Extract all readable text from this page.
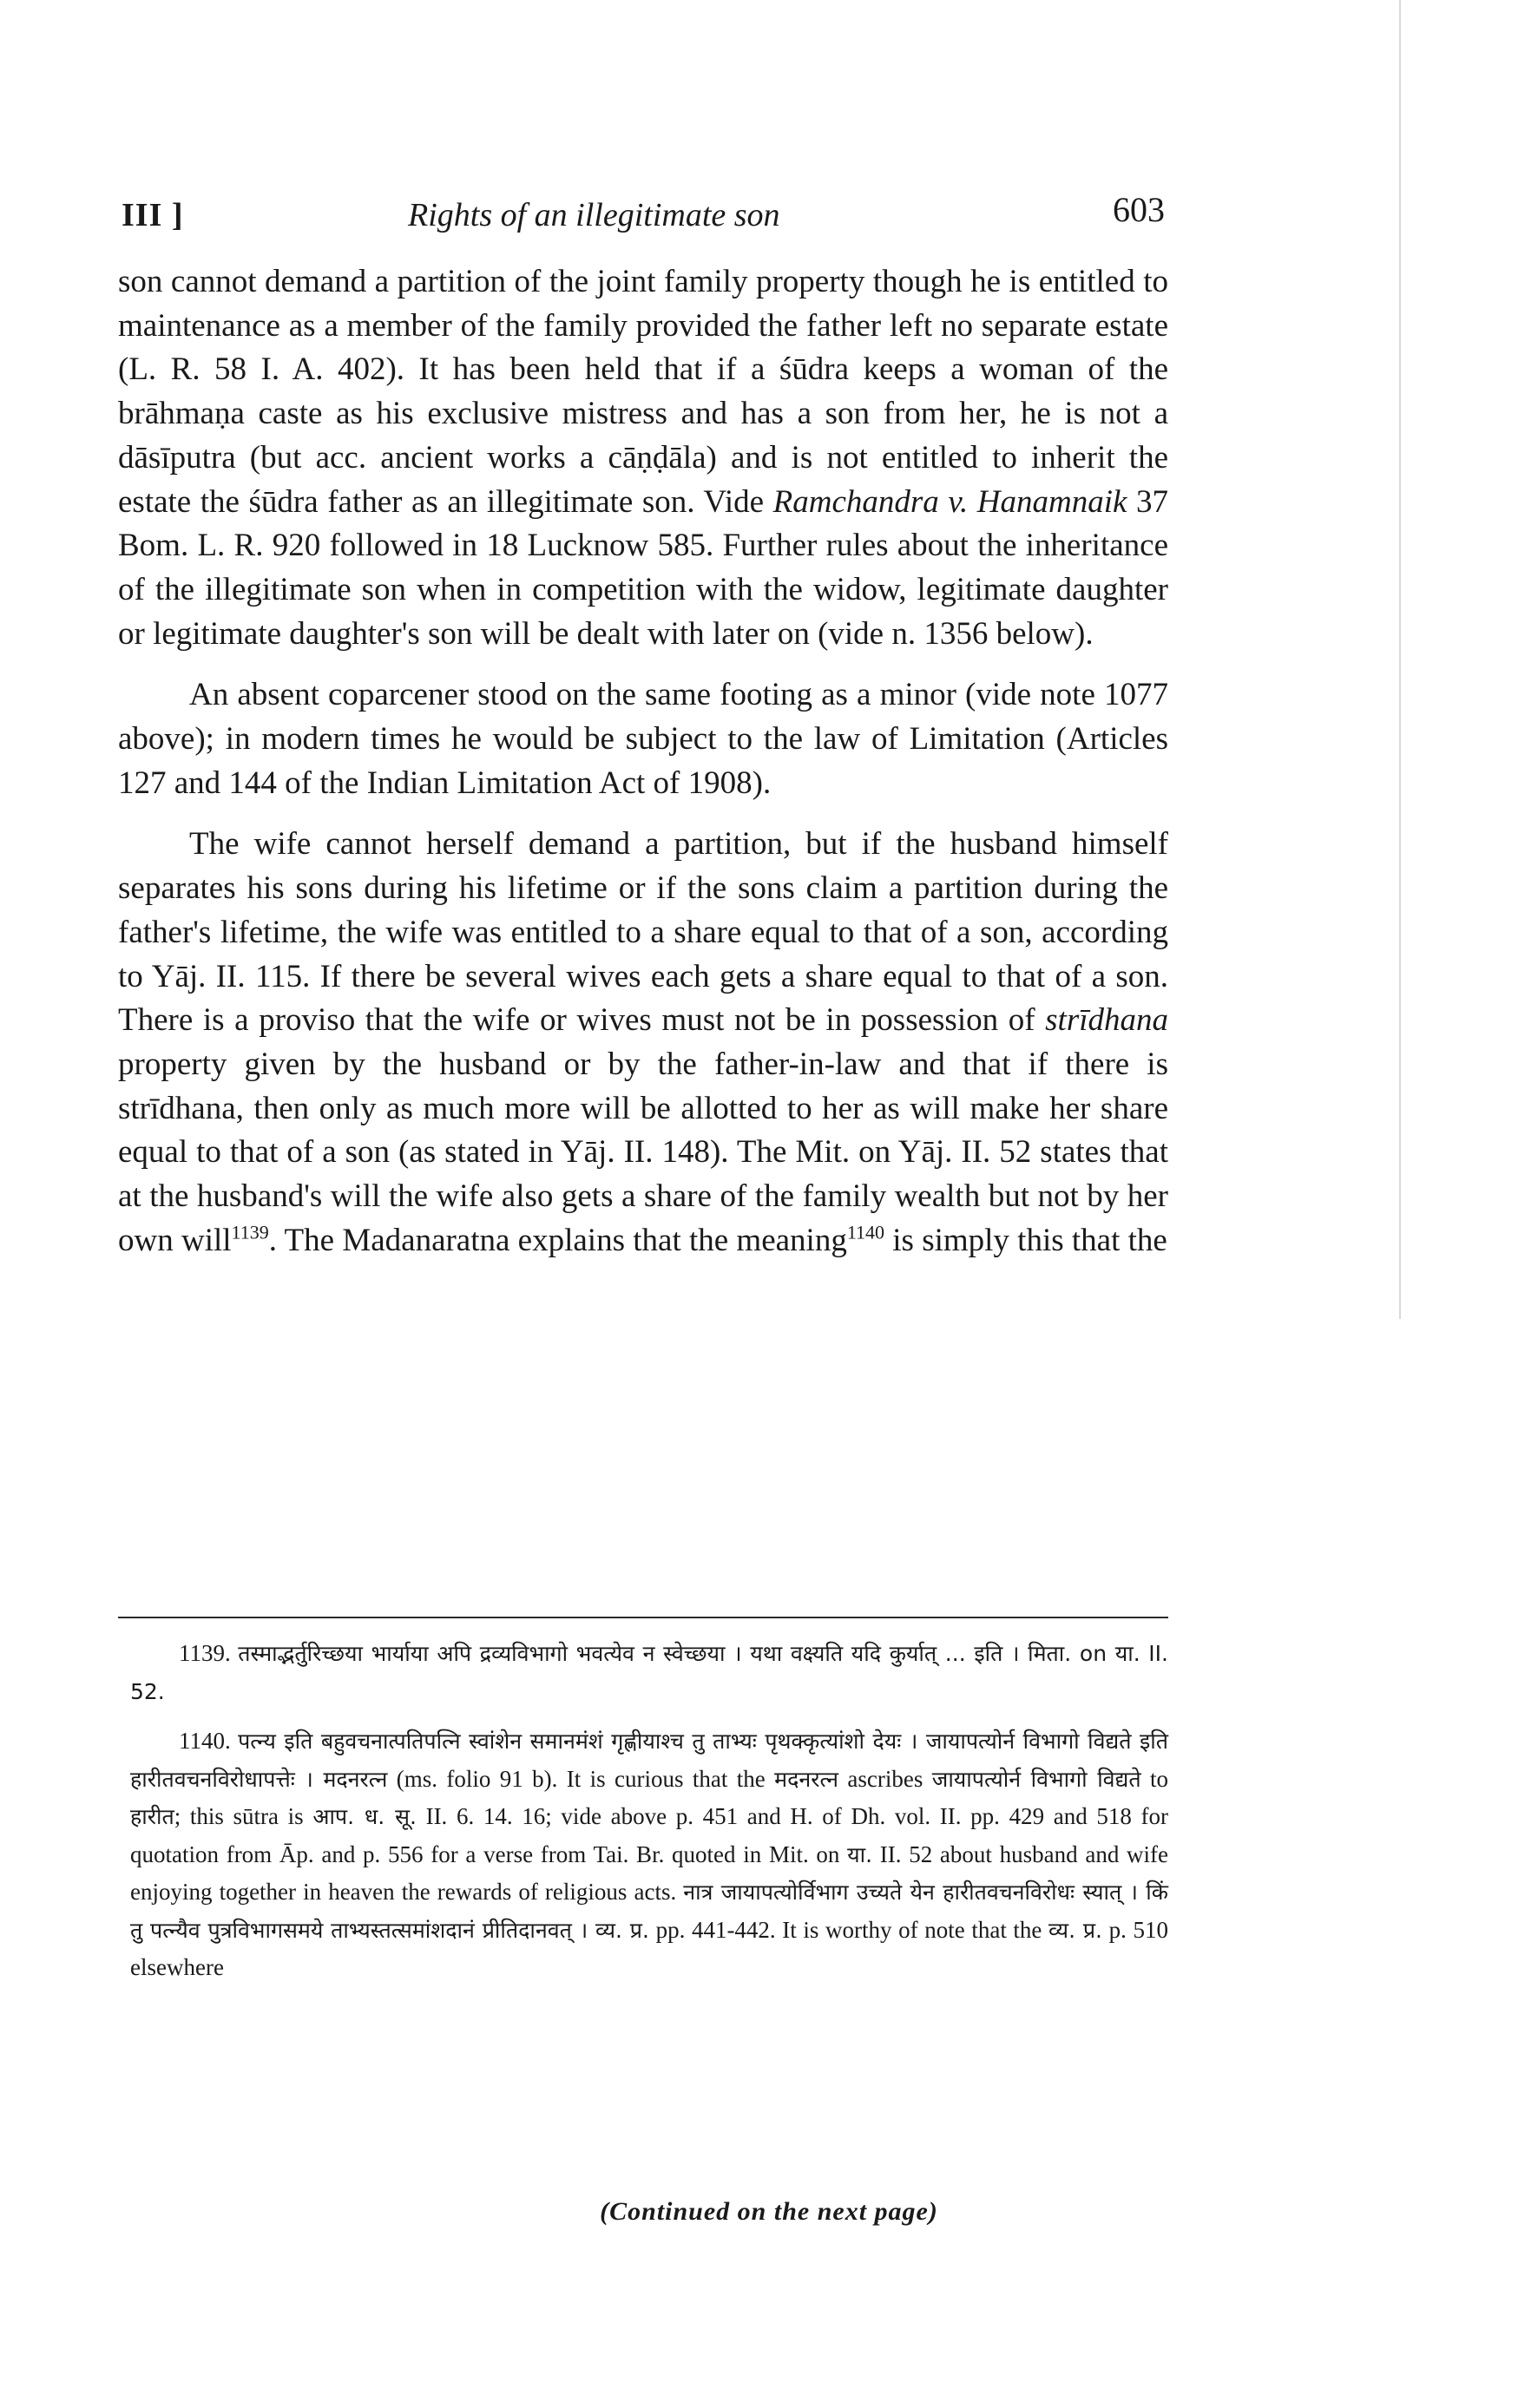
III ]	Rights of an illegitimate son	603

son cannot demand a partition of the joint family property though he is entitled to maintenance as a member of the family provided the father left no separate estate (L. R. 58 I. A. 402). It has been held that if a śūdra keeps a woman of the brāhmaṇa caste as his exclusive mistress and has a son from her, he is not a dāsīputra (but acc. ancient works a cāṇḍāla) and is not entitled to inherit the estate the śūdra father as an illegitimate son. Vide Ramchandra v. Hanamnaik 37 Bom. L. R. 920 followed in 18 Lucknow 585. Further rules about the inheritance of the illegitimate son when in competition with the widow, legitimate daughter or legitimate daughter's son will be dealt with later on (vide n. 1356 below).

An absent coparcener stood on the same footing as a minor (vide note 1077 above); in modern times he would be subject to the law of Limitation (Articles 127 and 144 of the Indian Limitation Act of 1908).

The wife cannot herself demand a partition, but if the husband himself separates his sons during his lifetime or if the sons claim a partition during the father's lifetime, the wife was entitled to a share equal to that of a son, according to Yāj. II. 115. If there be several wives each gets a share equal to that of a son. There is a proviso that the wife or wives must not be in possession of strīdhana property given by the husband or by the father-in-law and that if there is strīdhana, then only as much more will be allotted to her as will make her share equal to that of a son (as stated in Yāj. II. 148). The Mit. on Yāj. II. 52 states that at the husband's will the wife also gets a share of the family wealth but not by her own will$^{1139}$. The Madanaratna explains that the meaning$^{1140}$ is simply this that the

1139. तस्माद्भर्तुरिच्छया भार्याया अपि द्रव्यविभागो भवत्येव न स्वेच्छया । यथा वक्ष्यति यदि कुर्यात् ... इति । मिता. on या. II. 52.

1140. पत्न्य इति बहुवचनात्पतिपत्नि स्वांशेन समानमंशं गृह्णीयाश्च तु ताभ्यः पृथक्कृत्यांशो देयः । जायापत्योर्न विभागो विद्यते इति हारीतवचनविरोधापत्तेः । मदनरत्न (ms. folio 91 b). It is curious that the मदनरत्न ascribes जायापत्योर्न विभागो विद्यते to हारीत; this sūtra is आप. ध. सू. II. 6. 14. 16; vide above p. 451 and H. of Dh. vol. II. pp. 429 and 518 for quotation from Āp. and p. 556 for a verse from Tai. Br. quoted in Mit. on या. II. 52 about husband and wife enjoying together in heaven the rewards of religious acts. नात्र जायापत्योर्विभाग उच्यते येन हारीतवचनविरोधः स्यात् । किं तु पत्न्यैव पुत्रविभागसमये ताभ्यस्तत्समांशदानं प्रीतिदानवत् । व्य. प्र. pp. 441-442. It is worthy of note that the व्य. प्र. p. 510 elsewhere

(Continued on the next page)
